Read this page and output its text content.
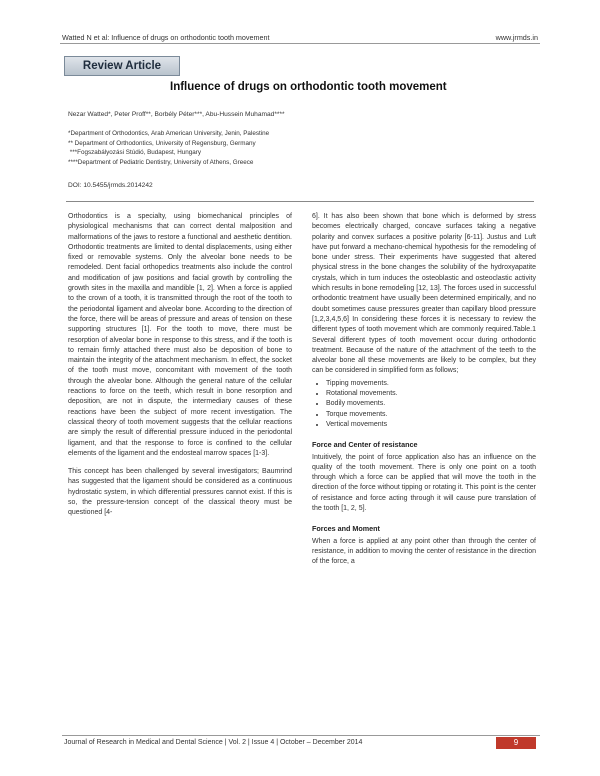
Watted N et al: Influence of drugs on orthodontic tooth movement	www.jrmds.in
Review Article
Influence of drugs on orthodontic tooth movement
Nezar Watted*, Peter Proff**, Borbély Péter***, Abu-Hussein Muhamad****
*Department of Orthodontics, Arab American University, Jenin, Palestine
** Department of Orthodontics, University of Regensburg, Germany
***Fogszabályozási Stúdió, Budapest, Hungary
****Department of Pediatric Dentistry, University of Athens, Greece
DOI: 10.5455/jrmds.2014242

Orthodontics is a specialty, using biomechanical principles of physiological mechanisms that can correct dental malposition and malformations of the jaws to restore a functional and aesthetic dentition. Orthodontic treatments are limited to dental displacements, using either fixed or removable systems. Only the alveolar bone needs to be remodeled. Dent facial orthopedics treatments also include the control and modification of jaw positions and facial growth by controlling the growth sites in the maxilla and mandible [1, 2]. When a force is applied to the crown of a tooth, it is transmitted through the root of the tooth to the periodontal ligament and alveolar bone. According to the direction of the force, there will be areas of pressure and areas of tension on these supporting structures [1]. For the tooth to move, there must be resorption of alveolar bone in response to this stress, and if the tooth is to remain firmly attached there must also be deposition of bone to maintain the integrity of the attachment mechanism. In effect, the socket of the tooth must move, concomitant with movement of the tooth through the alveolar bone. Although the general nature of the cellular reactions to force on the teeth, which result in bone resorption and deposition, are not in dispute, the intermediary causes of these reactions have been the subject of more recent investigation. The classical theory of tooth movement suggests that the cellular reactions are simply the result of differential pressure induced in the periodontal ligament, and that the response to force is confined to the cellular elements of the ligament and the endosteal marrow spaces [1-3].

This concept has been challenged by several investigators; Baumrind has suggested that the ligament should be considered as a continuous hydrostatic system, in which differential pressures cannot exist. If this is so, the pressure-tension concept of the classical theory must be questioned [4-

6]. It has also been shown that bone which is deformed by stress becomes electrically charged, concave surfaces taking a negative polarity and convex surfaces a positive polarity [6-11]. Justus and Luft have put forward a mechano-chemical hypothesis for the remodeling of bone under stress. Their experiments have suggested that altered physical stress in the bone changes the solubility of the hydroxyapatite crystals, which in turn induces the osteoblastic and osteoclastic activity which results in bone remodeling [12, 13]. The forces used in successful orthodontic treatment have usually been determined empirically, and no doubt sometimes cause pressures greater than capillary blood pressure [1,2,3,4,5,6] In considering these forces it is necessary to review the different types of tooth movement which are commonly required.Table.1 Several different types of tooth movement occur during orthodontic treatment. Because of the nature of the attachment of the teeth to the alveolar bone all these movements are likely to be complex, but they can be considered in simplified form as follows;

• Tipping movements.
• Rotational movements.
• Bodily movements.
• Torque movements.
• Vertical movements
Force and Center of resistance

Intuitively, the point of force application also has an influence on the quality of the tooth movement. There is only one point on a tooth through which a force can be applied that will move the tooth in the direction of the force without tipping or rotating it. This point is the center of resistance and force acting through it will cause pure translation of the tooth [1, 2, 5].

Forces and Moment

When a force is applied at any point other than through the center of resistance, in addition to moving the center of resistance in the direction of the force, a

Journal of Research in Medical and Dental Science | Vol. 2 | Issue 4 | October – December 2014	9
